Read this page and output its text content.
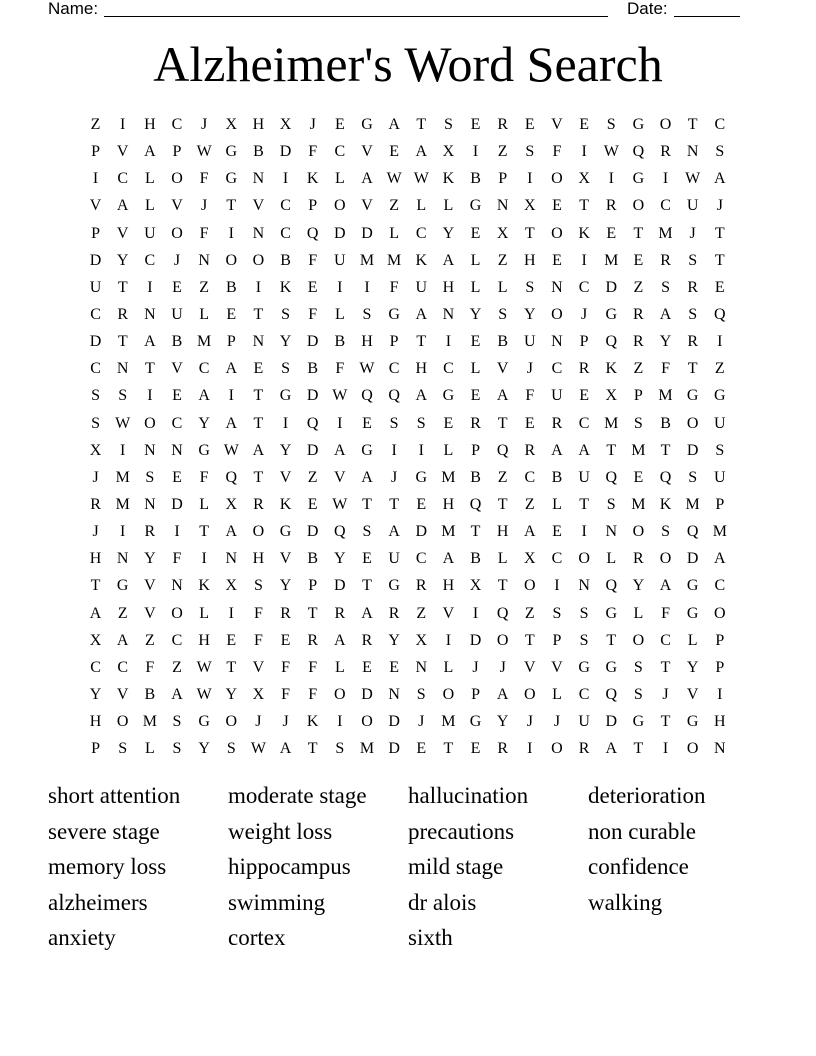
Name:	Date:
Alzheimer's Word Search
Z	I	H	C	J	X H X	J	E	G A	T	S	E	R	E	V	E	S	G O	T	C
P	V A	P W G	B	D	F	C	V	E	A X	I	Z	S	F	I	W Q	R	N	S
I	C	L	O	F	G N	I	K	L	A W W K	B	P	I	O X	I	G	I	W A
V A	L	V	J	T	V	C	P	O V	Z	L	L	G N X	E	T	R	O	C	U	J
P	V U O	F	I	N	C	Q D D	L	C	Y	E	X	T	O K	E	T M	J	T
D Y	C	J	N O O	B	F	U M M K A	L	Z	H	E	I	M E	R	S	T
U	T	I	E	Z	B	I	K	E	I	I	F	U H	L	L	S	N	C	D	Z	S	R	E
C	R	N U	L	E	T	S	F	L	S	G A N Y	S	Y O	J	G	R	A	S	Q
D	T	A	B M P	N Y D	B	H	P	T	I	E	B	U N	P	Q	R	Y	R	I
C	N	T	V	C	A	E	S	B	F W C	H	C	L	V	J	C	R	K	Z	F	T	Z
S	S	I	E	A	I	T	G D W Q Q A G	E	A	F	U	E	X	P M G G
S W O	C	Y A	T	I	Q	I	E	S	S	E	R	T	E	R	C M S	B	O U
X	I	N N G W A Y D A G	I	I	L	P	Q	R	A A	T M T	D	S
J	M S	E	F	Q	T	V	Z	V A	J	G M B	Z	C	B	U Q	E	Q	S	U
R M N D	L	X	R	K	E W T	T	E	H Q	T	Z	L	T	S M K M P
J	I	R	I	T	A O G D Q	S	A D M T	H A	E	I	N O	S	Q M
H N Y	F	I	N H V	B	Y	E	U	C	A	B	L	X	C	O	L	R	O D A
T	G V N K X	S	Y	P	D	T	G	R	H X	T	O	I	N Q Y A G	C
A	Z	V O	L	I	F	R	T	R	A	R	Z	V	I	Q	Z	S	S	G	L	F	G O
X A	Z	C	H	E	F	E	R	A	R	Y X	I	D O	T	P	S	T	O	C	L	P
C	C	F	Z W T	V	F	F	L	E	E	N	L	J	J	V V G G	S	T	Y	P
Y V	B	A W Y X	F	F	O D N	S	O	P	A O	L	C	Q	S	J	V	I
H O M S	G O	J	J	K	I	O D	J	M G Y	J	J	U D G	T	G H
P	S	L	S	Y	S W A	T	S M D	E	T	E	R	I	O	R	A	T	I	O N
short attention	moderate stage	hallucination	deterioration
severe stage	weight loss	precautions	non curable
memory loss	hippocampus	mild stage	confidence
alzheimers	swimming	dr alois	walking
anxiety	cortex	sixth
